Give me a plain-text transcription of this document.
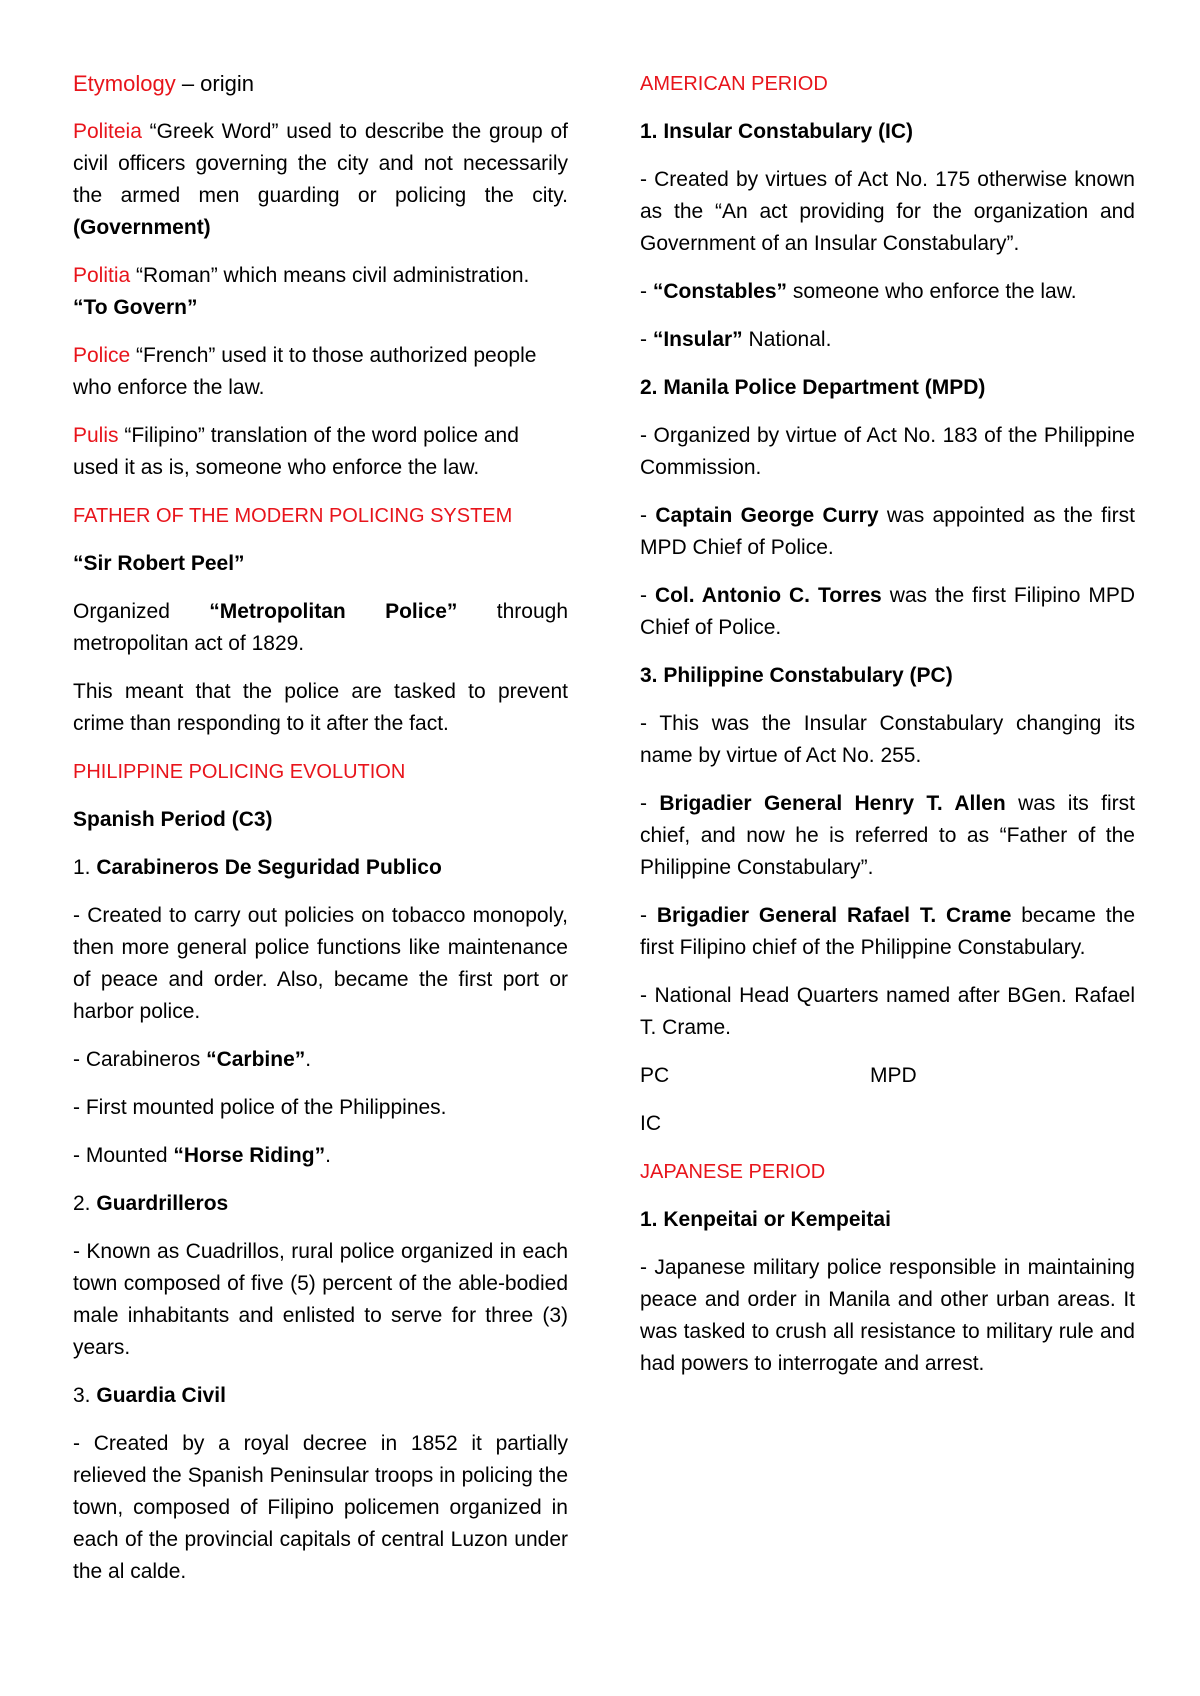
Etymology – origin

Politeia “Greek Word” used to describe the group of civil officers governing the city and not necessarily the armed men guarding or policing the city. (Government)

Politia “Roman” which means civil administration. “To Govern”

Police “French” used it to those authorized people who enforce the law.

Pulis “Filipino” translation of the word police and used it as is, someone who enforce the law.

FATHER OF THE MODERN POLICING SYSTEM

“Sir Robert Peel”

Organized “Metropolitan Police” through metropolitan act of 1829.

This meant that the police are tasked to prevent crime than responding to it after the fact.

PHILIPPINE POLICING EVOLUTION

Spanish Period (C3)

1. Carabineros De Seguridad Publico

- Created to carry out policies on tobacco monopoly, then more general police functions like maintenance of peace and order. Also, became the first port or harbor police.

- Carabineros “Carbine”.

- First mounted police of the Philippines.

- Mounted “Horse Riding”.

2. Guardrilleros

- Known as Cuadrillos, rural police organized in each town composed of five (5) percent of the able-bodied male inhabitants and enlisted to serve for three (3) years.

3. Guardia Civil

- Created by a royal decree in 1852 it partially relieved the Spanish Peninsular troops in policing the town, composed of Filipino policemen organized in each of the provincial capitals of central Luzon under the al calde.

AMERICAN PERIOD

1. Insular Constabulary (IC)

- Created by virtues of Act No. 175 otherwise known as the “An act providing for the organization and Government of an Insular Constabulary”.

- “Constables” someone who enforce the law.

- “Insular” National.

2. Manila Police Department (MPD)

- Organized by virtue of Act No. 183 of the Philippine Commission.

- Captain George Curry was appointed as the first MPD Chief of Police.

- Col. Antonio C. Torres was the first Filipino MPD Chief of Police.

3. Philippine Constabulary (PC)

- This was the Insular Constabulary changing its name by virtue of Act No. 255.

- Brigadier General Henry T. Allen was its first chief, and now he is referred to as “Father of the Philippine Constabulary”.

- Brigadier General Rafael T. Crame became the first Filipino chief of the Philippine Constabulary.

- National Head Quarters named after BGen. Rafael T. Crame.

PC	MPD
IC

JAPANESE PERIOD

1. Kenpeitai or Kempeitai

- Japanese military police responsible in maintaining peace and order in Manila and other urban areas. It was tasked to crush all resistance to military rule and had powers to interrogate and arrest.
